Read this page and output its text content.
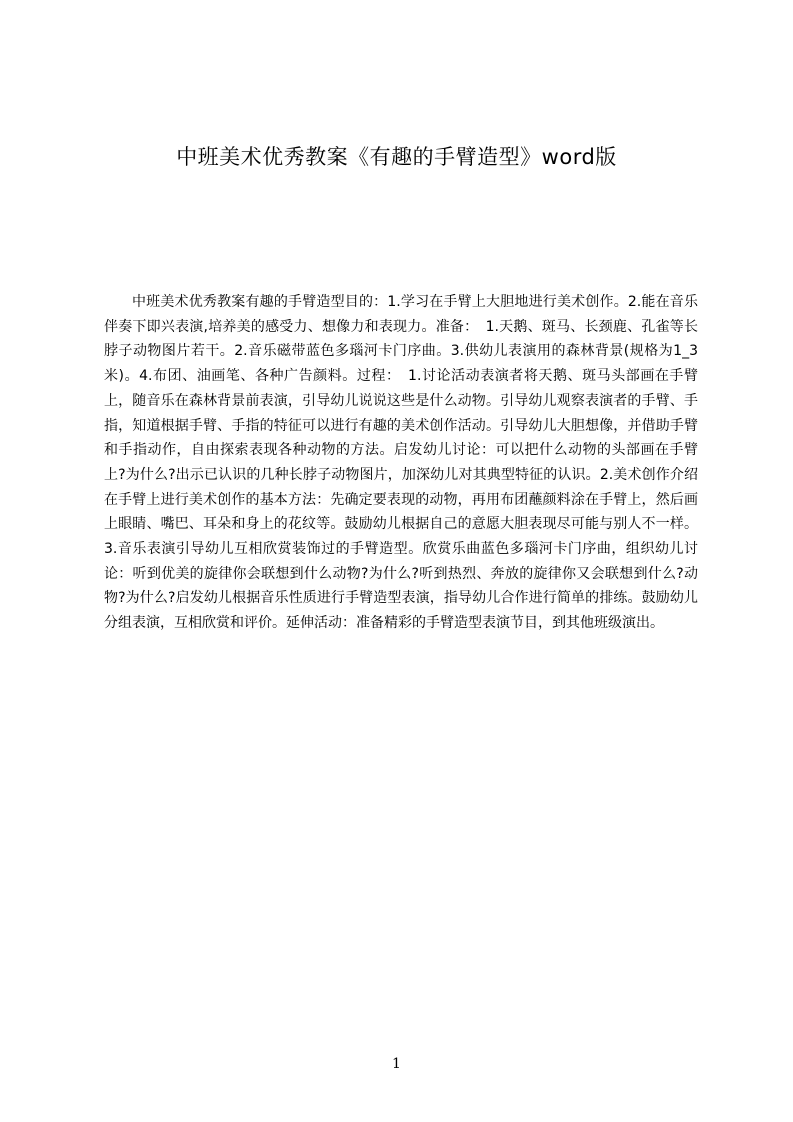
中班美术优秀教案《有趣的手臂造型》word版

中班美术优秀教案有趣的手臂造型目的：1.学习在手臂上大胆地进行美术创作。2.能在音乐伴奏下即兴表演,培养美的感受力、想像力和表现力。准备：　1.天鹅、斑马、长颈鹿、孔雀等长脖子动物图片若干。2.音乐磁带蓝色多瑙河卡门序曲。3.供幼儿表演用的森林背景(规格为1_3米)。4.布团、油画笔、各种广告颜料。过程：　1.讨论活动表演者将天鹅、斑马头部画在手臂上，随音乐在森林背景前表演，引导幼儿说说这些是什么动物。引导幼儿观察表演者的手臂、手指，知道根据手臂、手指的特征可以进行有趣的美术创作活动。引导幼儿大胆想像，并借助手臂和手指动作，自由探索表现各种动物的方法。启发幼儿讨论：可以把什么动物的头部画在手臂上?为什么?出示已认识的几种长脖子动物图片，加深幼儿对其典型特征的认识。2.美术创作介绍在手臂上进行美术创作的基本方法：先确定要表现的动物，再用布团蘸颜料涂在手臂上，然后画上眼睛、嘴巴、耳朵和身上的花纹等。鼓励幼儿根据自己的意愿大胆表现尽可能与别人不一样。3.音乐表演引导幼儿互相欣赏装饰过的手臂造型。欣赏乐曲蓝色多瑙河卡门序曲，组织幼儿讨论：听到优美的旋律你会联想到什么动物?为什么?听到热烈、奔放的旋律你又会联想到什么?动物?为什么?启发幼儿根据音乐性质进行手臂造型表演，指导幼儿合作进行简单的排练。鼓励幼儿分组表演，互相欣赏和评价。延伸活动：准备精彩的手臂造型表演节目，到其他班级演出。

1
